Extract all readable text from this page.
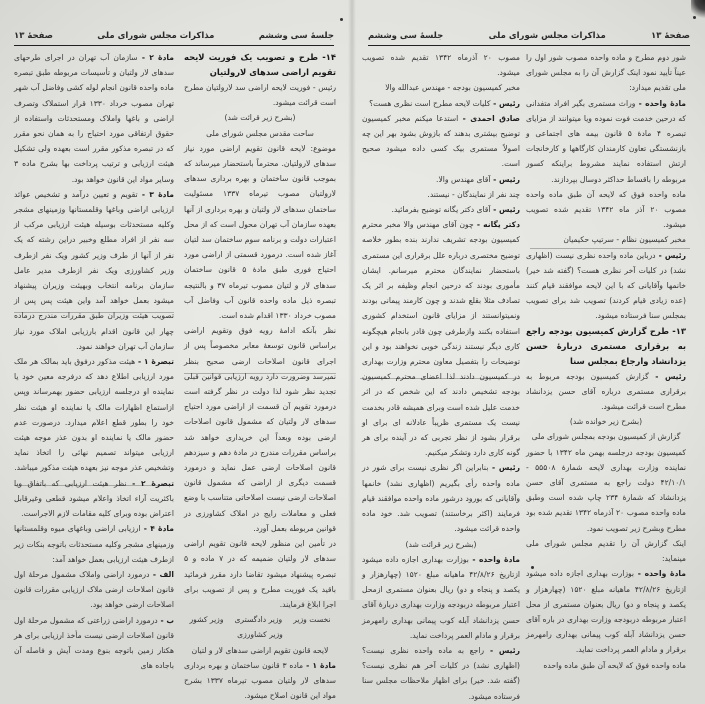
جلسهٔ سی وششم
مذاکرات مجلس شورای ملی
صفحهٔ ۱۳

۱۴- طرح و تصویب یک فوریت لایحه تقویم اراضی سدهای لارولتیان

رئیس - فوریت لایحه اراضی سد لارولتیان مطرح است قرائت میشود.

(بشرح زیر قرائت شد)

ساحت مقدس مجلس شورای ملی

موضوع: لایحه قانون تقویم اراضی مورد نیاز سدهای لارولتیان. محترماً باستحضار میرساند که بموجب قانون ساختمان و بهره برداری سدهای لارولتیان مصوب تیرماه ۱۳۳۷ مسئولیت ساختمان سدهای لار ولتیان و بهره برداری از آنها بعهده سازمان آب تهران محول است که از محل اعتبارات دولت و برنامه سوم ساختمان سد لتیان آغاز شده است. درمورد قسمتی از اراضی مورد احتیاج فوری طبق مادهٔ ۵ قانون ساختمان سدهای لار و لتیان مصوب تیرماه ۳۷ و بالنتیجه تبصره ذیل ماده واحده قانون آب وفاضل آب مصوب خرداد ۱۳۳۰ اقدام شده است.

نظر بآنکه ادامهٔ رویه فوق وتقویم اراضی براساس قانون توسعهٔ معابر مخصوصاً پس از اجرای قانون اصلاحات ارضی صحیح بنظر نمیرسد وضرورت دارد رویه ارزیابی قوانین قبلی تجدید نظر شود لذا دولت در نظر گرفته است درمورد تقویم آن قسمت از اراضی مورد احتیاج سدهای لار ولتیان که مشمول قانون اصلاحات ارضی بوده وبعداً این خریداری خواهد شد براساس مقررات مندرج در مادهٔ دهم و سیزدهم قانون اصلاحات ارضی عمل نماید و درمورد قسمت دیگری از اراضی که مشمول قانون اصلاحات ارضی نیست اصلاحاتی متناسب با وضع فعلی و معاملات رایج در املاک کشاورزی در قوانین مربوطه بعمل آورد.

در تأمین این منظور لایحه قانون تقویم اراضی سدهای لار ولتیان ضمیمه که در ۷ ماده و ۵ تبصره پیشنهاد میشود تقاضا دارد مقرر فرمائید باقید یک فوریت مطرح و پس از تصویب برای اجرا ابلاغ فرمایند.

نخست وزیر
وزیر دادگستری
وزیر کشور

وزیر کشاورزی

لایحه قانون تقویم اراضی سدهای لار و لتیان

مادهٔ ۱ - ماده ۳ قانون ساختمان و بهره برداری سدهای لار ولتیان مصوب تیرماه ۱۳۳۷ بشرح مواد این قانون اصلاح میشود.

مادهٔ ۲ - سازمان آب تهران در اجرای طرحهای سدهای لار ولتیان و تأسیسات مربوطه طبق تبصره ماده واحده قانون انجام لوله کشی وفاضل آب شهر تهران مصوب خرداد ۱۳۳۰ قرار استملاک وتصرف اراضی و باغها واملاک ومستحدثات واستفاده از حقوق ارتفاقی مورد احتیاج را به همان نحو مقرر که در تبصره مذکور مقرر است بعهده ولی تشکیل هیئت ارزیابی و ترتیب پرداخت بها بشرح ماده ۳ وسایر مواد این قانون خواهد بود.

مادهٔ ۳ - تقویم و تعیین درآمد و تشخیص عوائد ارزیابی اراضی وباغها وقلمستانها وزمینهای مشجر وکلیه مستحدثات بوسیله هیئت ارزیابی مرکب از سه نفر از افراد مطلع وخبیر دراین رشته که یک نفر از آنها از طرف وزیر کشور ویک نفر ازطرف وزیر کشاورزی ویک نفر ازطرف مدیر عامل سازمان برنامه انتخاب وبهیئت وزیران پیشنهاد میشود بعمل خواهد آمد واین هیئت پس پس از تصویب هیئت وزیران طبق مقررات مندرج درماده چهار این قانون اقدام بارزیابی املاک مورد نیاز سازمان آب تهران خواهند نمود.

تبصرهٔ ۱ - هیئت مذکور درفوق باید بمالک هر ملک مورد ارزیابی اطلاع دهد که درفرجه معین خود یا نماینده او درجلسه ارزیابی حضور بهمرساند وپس ازاستماع اظهارات مالک یا نماینده او هیئت نظر خود را بطور قطع اعلام میدارد. درصورت عدم حضور مالک یا نماینده او بدون عذر موجه هیئت ارزیابی میتواند تصمیم نهائی را اتخاذ نماید وتشخیص عذر موجه نیز بعهده هیئت مذکور میباشد.

تبصرهٔ ۲ - نظر هیئت ارزیابی که باتفاق ویا باکثریت آراء اتخاذ واعلام میشود قطعی وغیرقابل اعتراض بوده وبرای کلیه مقامات لازم الاجراست.

مادهٔ ۴ - ارزیابی اراضی وباغهای میوه وقلمستانها وزمینهای مشجر وکلیه مستحدثات باتوجه بنکات زیر ازطرف هیئت ارزیابی بعمل خواهد آمد:

الف - درمورد اراضی واملاک مشمول مرحلهٔ اول قانون اصلاحات ارضی ملاک ارزیابی مقررات قانون اصلاحات ارضی خواهد بود.

ب - درمورد اراضی زراعتی که مشمول مرحلهٔ اول قانون اصلاحات ارضی نیست مأخذ ارزیابی برای هر هکتار زمین باتوجه بنوع ومدت آیش و فاصله آن باجاده های

صفحهٔ ۱۳
مذاکرات مجلس شورای ملی
جلسهٔ سی وششم

شور دوم مطرح و ماده واحده مصوب شور اول را عیناً تأیید نمود اینک گزارش آن را به مجلس شورای ملی تقدیم میدارد:

مادهٔ واحده - وراث مستمری بگیر افراد متفدانی که درحین خدمت فوت نموده ویا میتوانند از مزایای تبصره ۴ مادهٔ ۵ قانون بیمه های اجتماعی و بازنشستگی تعاون کارمندان کارگاهها و کارخانجات ارتش استفاده نمایند مشروط براینکه کسور مربوطه را باقساط حداکثر دوسال بپردازند.

ماده واحده فوق که لایحه آن طبق ماده واحده مصوب ۲۰ آذر ماه ۱۳۴۲ تقدیم شده تصویب میشود.

مخبر کمیسیون نظام - سرتیپ حکیمیان

رئیس - درباین ماده واحده نظری نیست (اظهاری نشد) در کلیات آخر نظری هست؟ (گفته شد خیر) خانمها وآقایانی که با این لایحه موافقند قیام کنند (عده زیادی قیام کردند) تصویب شد برای تصویب بمجلس سنا فرستاده میشود.

۱۳- طرح گزارش کمیسیون بودجه راجع به برقراری مستمری دربارهٔ حسن یزدانشاد وارجاع بمجلس سنا

رئیس - گزارش کمیسیون بودجه مربوط به برقراری مستمری درباره آقای حسن یزدانشاد مطرح است قرائت میشود.

(بشرح زیر خوانده شد)

گزارش از کمیسیون بودجه بمجلس شورای ملی

کمیسیون بودجه درجلسه بهمن ماه ۱۳۴۲ با حضور نماینده وزارت بهداری لایحه شمارهٔ ۵۵۵۰۸ - ۴۲/۱۰/۱ دولت راجع به مستمری آقای حسن یزدانشاد که شمارهٔ ۲۳۴ چاپ شده است وطبق ماده واحده مصوب ۲۰ آذرماه ۱۳۴۲ تقدیم شده بود مطرح وبشرح زیر تصویب نمود.

اینک گزارش آن را تقدیم مجلس شورای ملی مینماید:

مادهٔ واحده - بوزارت بهداری اجازه داده میشود ازتاریخ ۴۲/۸/۲۶ ماهیانه مبلغ ۱۵۲۰ (چهارهزار و یکصد و پنجاه و دو) ریال بعنوان مستمری از محل اعتبار مربوطه دربودجه وزارت بهداری در باره آقای حسن یزدانشاد آبله کوب پیمانی بهداری رامهرمز برقرار و مادام العمر پرداخت نماید.

ماده واحده فوق که لایحه آن طبق ماده واحده

مصوب ۲۰ آذرماه ۱۳۴۲ تقدیم شده تصویب میشود.

مخبر کمیسیون بودجه - مهندس عبدالله والا

رئیس - کلیات لایحه مطرح است نظری هست؟

صادق احمدی - استدعا میکنم مخبر کمیسیون توضیح بیشتری بدهند که بازوش بشود بهر این چه اصولاً مستمری بیک کسی داده میشود صحیح است.

رئیس - آقای مهندس والا.

چند نفر از نمایندگان - نیستند.

رئیس - آقای دکتر یگانه توضیح بفرمائید.

دکتر یگانه - چون آقای مهندس والا مخبر محترم کمیسیون بودجه تشریف ندارند بنده بطور خلاصه توضیح مختصری درباره علل برقراری این مستمری باستحضار نمایندگان محترم میرسانم. ایشان مأموری بودند که درحین انجام وظیفه بر اثر یک تصادف مثلا بقلع شدند و چون کارمند پیمانی بودند ونمیتوانستند از مزایای قانون استخدام کشوری استفاده بکنند وازطرفی چون قادر بانجام هیچگونه کاری دیگر نیستند زندگی خوبی نخواهند بود و این توضیحات را بتفصیل معاون محترم وزارت بهداری در کمیسیون دادند لذا اعضای محترم کمیسیون بودجه تشخیص دادند که این شخص که در اثر خدمت علیل شده است وبرای همیشه قادر بخدمت نیست یک مستمری ظریباً عادلانه ای برای او برقرار بشود از نظر تجربی که در آینده برای هر گونه کاری دارد وتشکر میکنیم.

رئیس - بنابراین اگر نظری نیست برای شور در ماده واحده رأی بگیریم (اظهاری نشد) خانمها وآقایانی که بورود درشور ماده واحده موافقند قیام فرمایند (اکثر برخاستند) تصویب شد. خود ماده واحده قرائت میشود.

(بشرح زیر قرائت شد)

مادهٔ واحده - بوزارت بهداری اجازه داده میشود ازتاریخ ۴۲/۸/۲۶ ماهیانه مبلغ ۱۵۲۰ (چهارهزار و یکصد و پنجاه و دو) ریال بعنوان مستمری ازمحل اعتبار مربوطه دربودجه وزارت بهداری دربارهٔ آقای حسن یزدانشاد آبله کوب پیمانی بهداری رامهرمز برقرار و مادام العمر پرداخت نماید.

رئیس - راجع به ماده واحده نظری نیست؟ (اظهاری نشد) در کلیات آخر هم نظری نیست؟ (گفته شد. خیر) برای اظهار ملاحظات مجلس سنا فرستاده میشود.
